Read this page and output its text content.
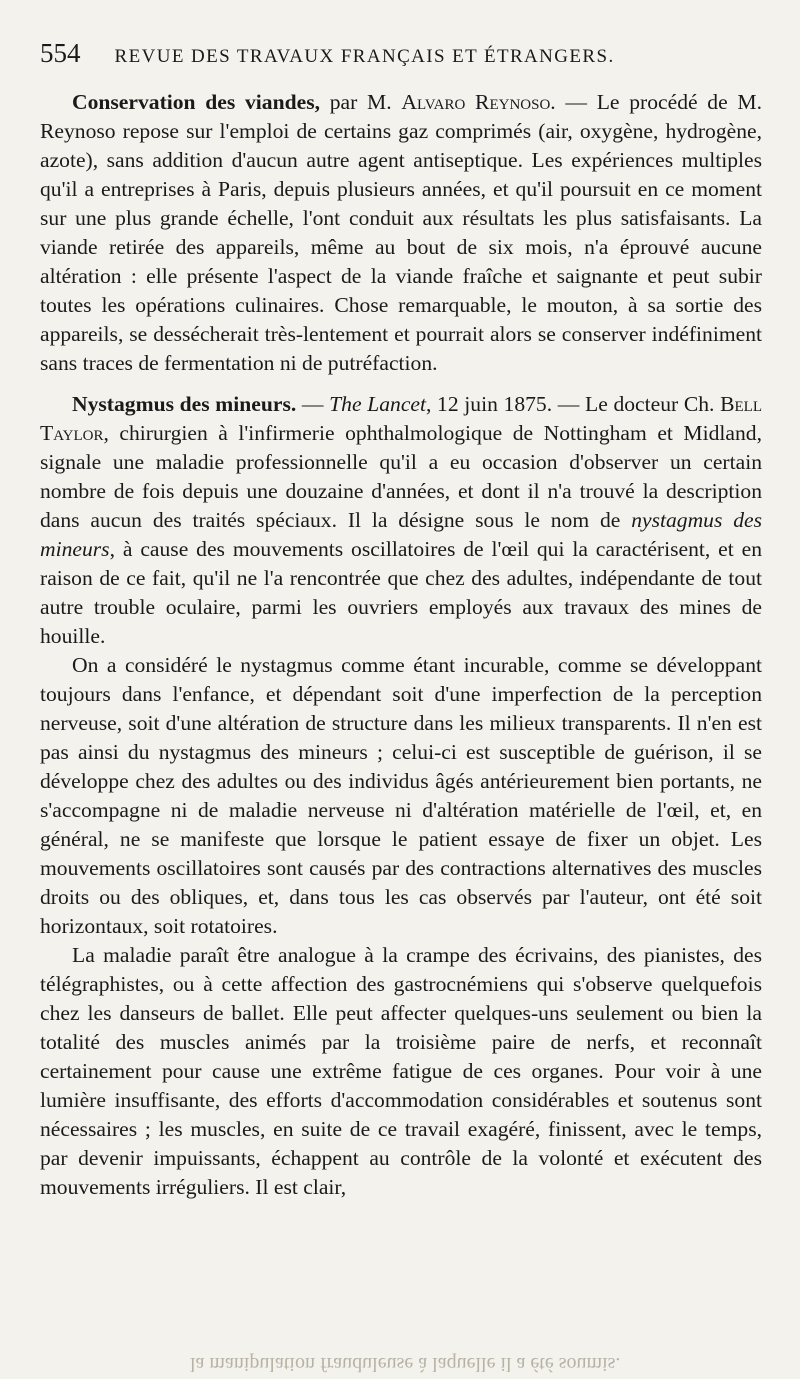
554 REVUE DES TRAVAUX FRANÇAIS ET ÉTRANGERS.

Conservation des viandes, par M. Alvaro Reynoso. — Le procédé de M. Reynoso repose sur l'emploi de certains gaz comprimés (air, oxygène, hydrogène, azote), sans addition d'aucun autre agent antiseptique. Les expériences multiples qu'il a entreprises à Paris, depuis plusieurs années, et qu'il poursuit en ce moment sur une plus grande échelle, l'ont conduit aux résultats les plus satisfaisants. La viande retirée des appareils, même au bout de six mois, n'a éprouvé aucune altération : elle présente l'aspect de la viande fraîche et saignante et peut subir toutes les opérations culinaires. Chose remarquable, le mouton, à sa sortie des appareils, se dessécherait très-lentement et pourrait alors se conserver indéfiniment sans traces de fermentation ni de putréfaction.

Nystagmus des mineurs. — The Lancet, 12 juin 1875. — Le docteur Ch. Bell Taylor, chirurgien à l'infirmerie ophthalmologique de Nottingham et Midland, signale une maladie professionnelle qu'il a eu occasion d'observer un certain nombre de fois depuis une douzaine d'années, et dont il n'a trouvé la description dans aucun des traités spéciaux. Il la désigne sous le nom de nystagmus des mineurs, à cause des mouvements oscillatoires de l'œil qui la caractérisent, et en raison de ce fait, qu'il ne l'a rencontrée que chez des adultes, indépendante de tout autre trouble oculaire, parmi les ouvriers employés aux travaux des mines de houille.

On a considéré le nystagmus comme étant incurable, comme se développant toujours dans l'enfance, et dépendant soit d'une imperfection de la perception nerveuse, soit d'une altération de structure dans les milieux transparents. Il n'en est pas ainsi du nystagmus des mineurs ; celui-ci est susceptible de guérison, il se développe chez des adultes ou des individus âgés antérieurement bien portants, ne s'accompagne ni de maladie nerveuse ni d'altération matérielle de l'œil, et, en général, ne se manifeste que lorsque le patient essaye de fixer un objet. Les mouvements oscillatoires sont causés par des contractions alternatives des muscles droits ou des obliques, et, dans tous les cas observés par l'auteur, ont été soit horizontaux, soit rotatoires.

La maladie paraît être analogue à la crampe des écrivains, des pianistes, des télégraphistes, ou à cette affection des gastrocnémiens qui s'observe quelquefois chez les danseurs de ballet. Elle peut affecter quelques-uns seulement ou bien la totalité des muscles animés par la troisième paire de nerfs, et reconnaît certainement pour cause une extrême fatigue de ces organes. Pour voir à une lumière insuffisante, des efforts d'accommodation considérables et soutenus sont nécessaires ; les muscles, en suite de ce travail exagéré, finissent, avec le temps, par devenir impuissants, échappent au contrôle de la volonté et exécutent des mouvements irréguliers. Il est clair,

la manipulation frauduleuse à laquelle il a été soumis.
